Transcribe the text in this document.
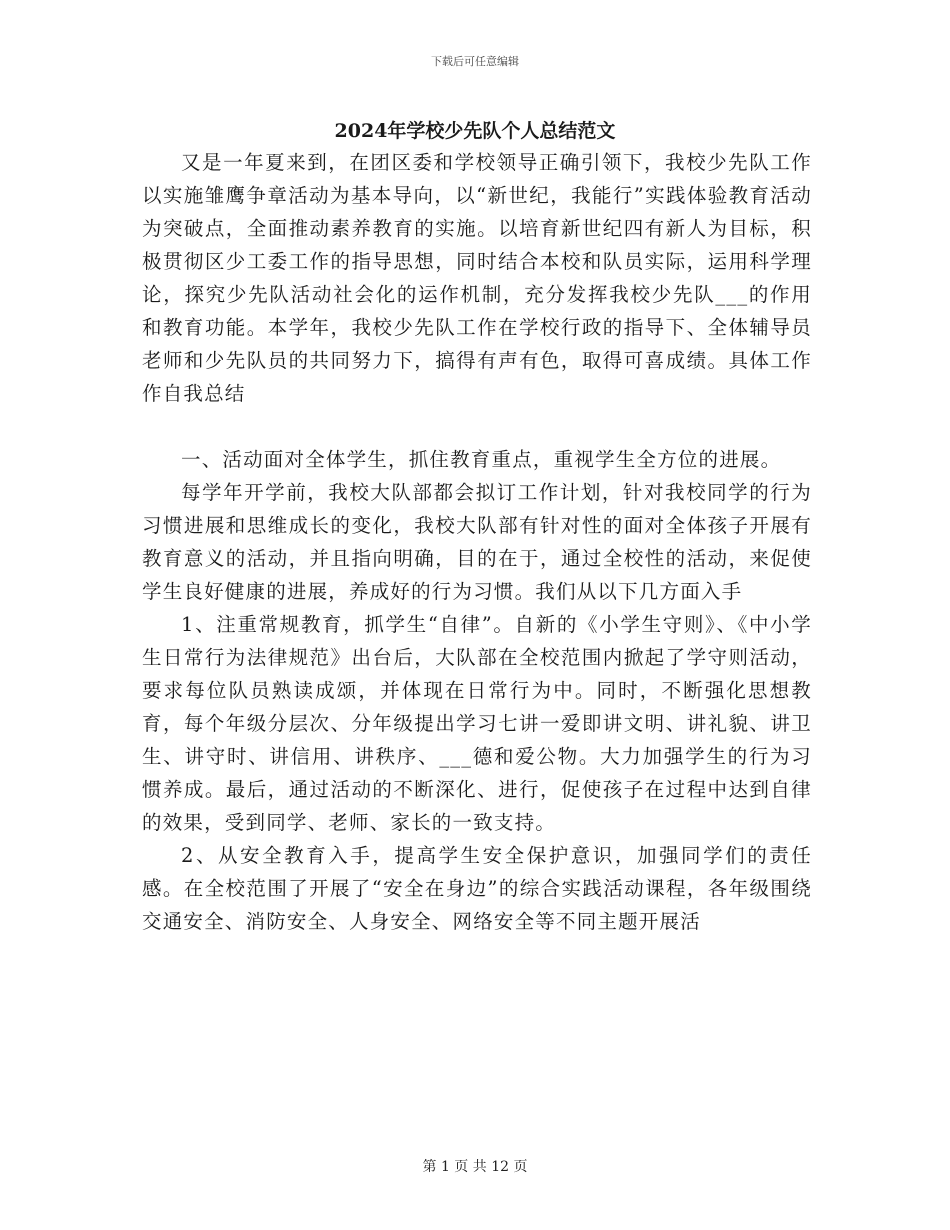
下载后可任意编辑
2024年学校少先队个人总结范文

又是一年夏来到，在团区委和学校领导正确引领下，我校少先队工作以实施雏鹰争章活动为基本导向，以“新世纪，我能行”实践体验教育活动为突破点，全面推动素养教育的实施。以培育新世纪四有新人为目标，积极贯彻区少工委工作的指导思想，同时结合本校和队员实际，运用科学理论，探究少先队活动社会化的运作机制，充分发挥我校少先队___的作用和教育功能。本学年，我校少先队工作在学校行政的指导下、全体辅导员老师和少先队员的共同努力下，搞得有声有色，取得可喜成绩。具体工作作自我总结

一、活动面对全体学生，抓住教育重点，重视学生全方位的进展。

每学年开学前，我校大队部都会拟订工作计划，针对我校同学的行为习惯进展和思维成长的变化，我校大队部有针对性的面对全体孩子开展有教育意义的活动，并且指向明确，目的在于，通过全校性的活动，来促使学生良好健康的进展，养成好的行为习惯。我们从以下几方面入手

1、注重常规教育，抓学生“自律”。自新的《小学生守则》、《中小学生日常行为法律规范》出台后，大队部在全校范围内掀起了学守则活动，要求每位队员熟读成颂，并体现在日常行为中。同时，不断强化思想教育，每个年级分层次、分年级提出学习七讲一爱即讲文明、讲礼貌、讲卫生、讲守时、讲信用、讲秩序、___德和爱公物。大力加强学生的行为习惯养成。最后，通过活动的不断深化、进行，促使孩子在过程中达到自律的效果，受到同学、老师、家长的一致支持。

2、从安全教育入手，提高学生安全保护意识，加强同学们的责任感。在全校范围了开展了“安全在身边”的综合实践活动课程，各年级围绕交通安全、消防安全、人身安全、网络安全等不同主题开展活

第 1 页 共 12 页
